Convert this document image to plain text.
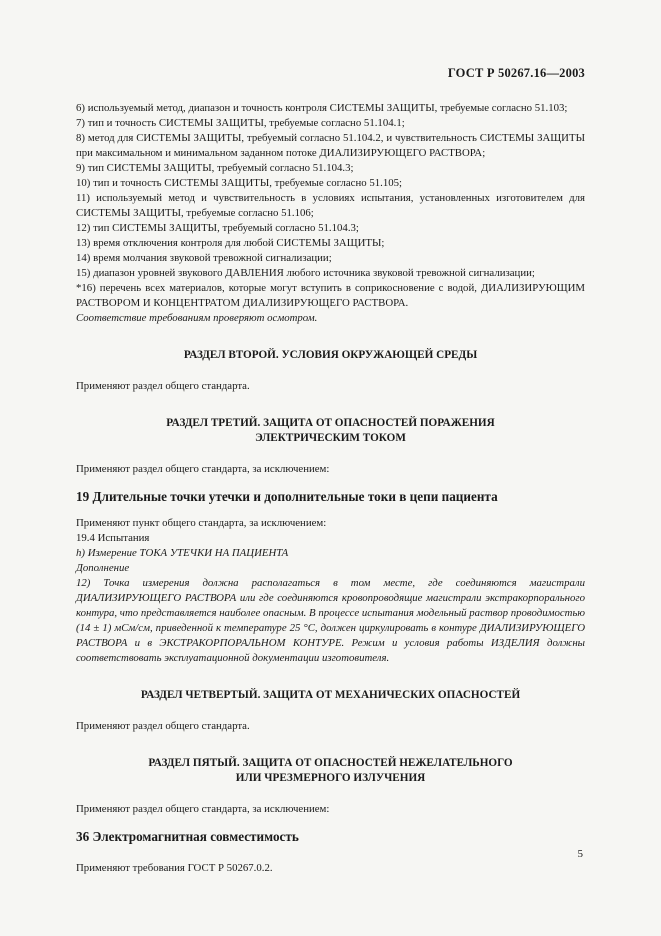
ГОСТ Р 50267.16—2003

6) используемый метод, диапазон и точность контроля СИСТЕМЫ ЗАЩИТЫ, требуемые согласно 51.103;

7) тип и точность СИСТЕМЫ ЗАЩИТЫ, требуемые согласно 51.104.1;

8) метод для СИСТЕМЫ ЗАЩИТЫ, требуемый согласно 51.104.2, и чувствительность СИСТЕМЫ ЗАЩИТЫ при максимальном и минимальном заданном потоке ДИАЛИЗИРУЮЩЕГО РАСТВОРА;

9) тип СИСТЕМЫ ЗАЩИТЫ, требуемый согласно 51.104.3;

10) тип и точность СИСТЕМЫ ЗАЩИТЫ, требуемые согласно 51.105;

11) используемый метод и чувствительность в условиях испытания, установленных изготовителем для СИСТЕМЫ ЗАЩИТЫ, требуемые согласно 51.106;

12) тип СИСТЕМЫ ЗАЩИТЫ, требуемый согласно 51.104.3;

13) время отключения контроля для любой СИСТЕМЫ ЗАЩИТЫ;

14) время молчания звуковой тревожной сигнализации;

15) диапазон уровней звукового ДАВЛЕНИЯ любого источника звуковой тревожной сигнализации;

*16) перечень всех материалов, которые могут вступить в соприкосновение с водой, ДИАЛИЗИРУЮЩИМ РАСТВОРОМ И КОНЦЕНТРАТОМ ДИАЛИЗИРУЮЩЕГО РАСТВОРА.

Соответствие требованиям проверяют осмотром.

РАЗДЕЛ ВТОРОЙ. УСЛОВИЯ ОКРУЖАЮЩЕЙ СРЕДЫ

Применяют раздел общего стандарта.

РАЗДЕЛ ТРЕТИЙ. ЗАЩИТА ОТ ОПАСНОСТЕЙ ПОРАЖЕНИЯ

ЭЛЕКТРИЧЕСКИМ ТОКОМ

Применяют раздел общего стандарта, за исключением:

19 Длительные точки утечки и дополнительные токи в цепи пациента

Применяют пункт общего стандарта, за исключением:

19.4 Испытания

h) Измерение ТОКА УТЕЧКИ НА ПАЦИЕНТА

Дополнение

12) Точка измерения должна располагаться в том месте, где соединяются магистрали ДИАЛИЗИРУЮЩЕГО РАСТВОРА или где соединяются кровопроводящие магистрали экстракорпорального контура, что представляется наиболее опасным. В процессе испытания модельный раствор проводимостью (14 ± 1) мСм/см, приведенной к температуре 25 °С, должен циркулировать в контуре ДИАЛИЗИРУЮЩЕГО РАСТВОРА и в ЭКСТРАКОРПОРАЛЬНОМ КОНТУРЕ. Режим и условия работы ИЗДЕЛИЯ должны соответствовать эксплуатационной документации изготовителя.

РАЗДЕЛ ЧЕТВЕРТЫЙ. ЗАЩИТА ОТ МЕХАНИЧЕСКИХ ОПАСНОСТЕЙ

Применяют раздел общего стандарта.

РАЗДЕЛ ПЯТЫЙ. ЗАЩИТА ОТ ОПАСНОСТЕЙ НЕЖЕЛАТЕЛЬНОГО

ИЛИ ЧРЕЗМЕРНОГО ИЗЛУЧЕНИЯ

Применяют раздел общего стандарта, за исключением:

36 Электромагнитная совместимость

Применяют требования ГОСТ Р 50267.0.2.

5
